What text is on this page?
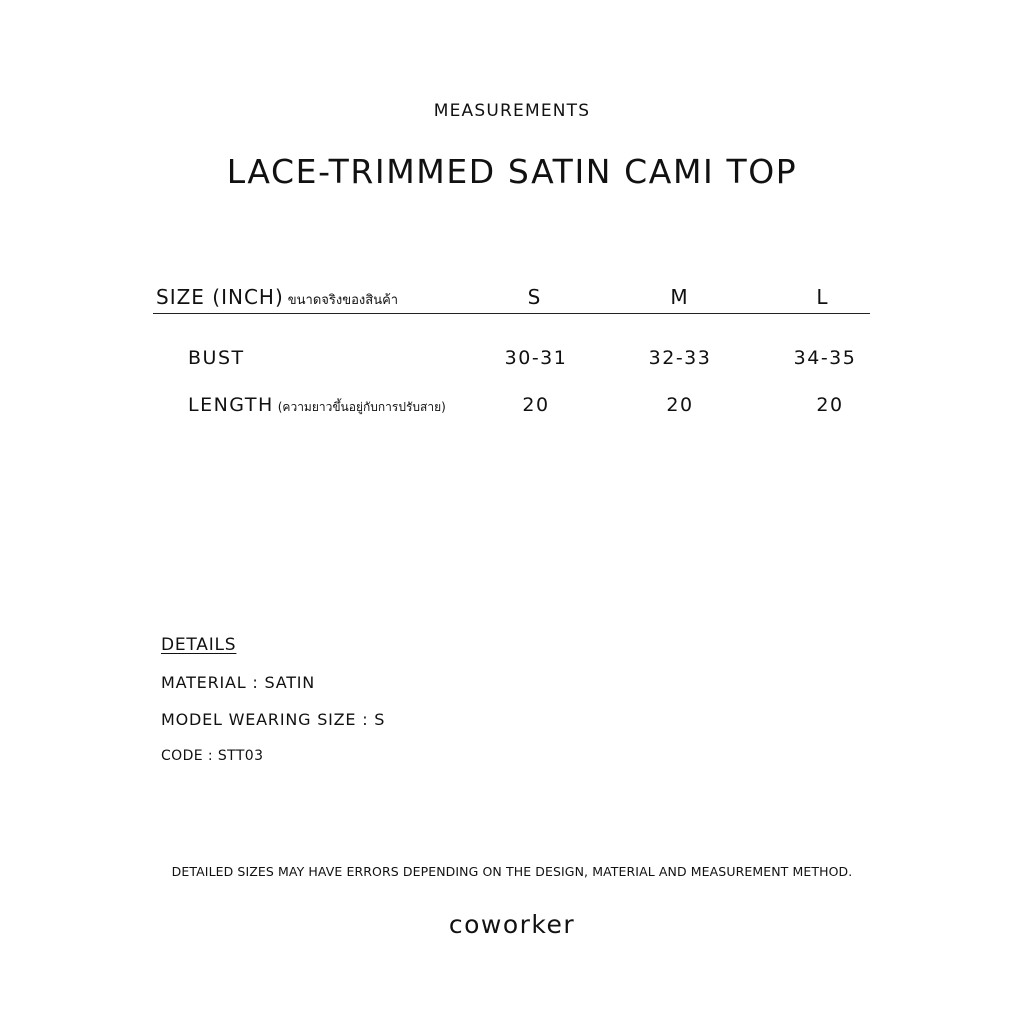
MEASUREMENTS
LACE-TRIMMED SATIN CAMI TOP
SIZE (INCH) ขนาดจริงของสินค้า	S	M	L
BUST	30-31	32-33	34-35
LENGTH (ความยาวขึ้นอยู่กับการปรับสาย)	20	20	20
DETAILS
MATERIAL : SATIN
MODEL WEARING SIZE : S
CODE : STT03
DETAILED SIZES MAY HAVE ERRORS DEPENDING ON THE DESIGN, MATERIAL AND MEASUREMENT METHOD.
coworker
